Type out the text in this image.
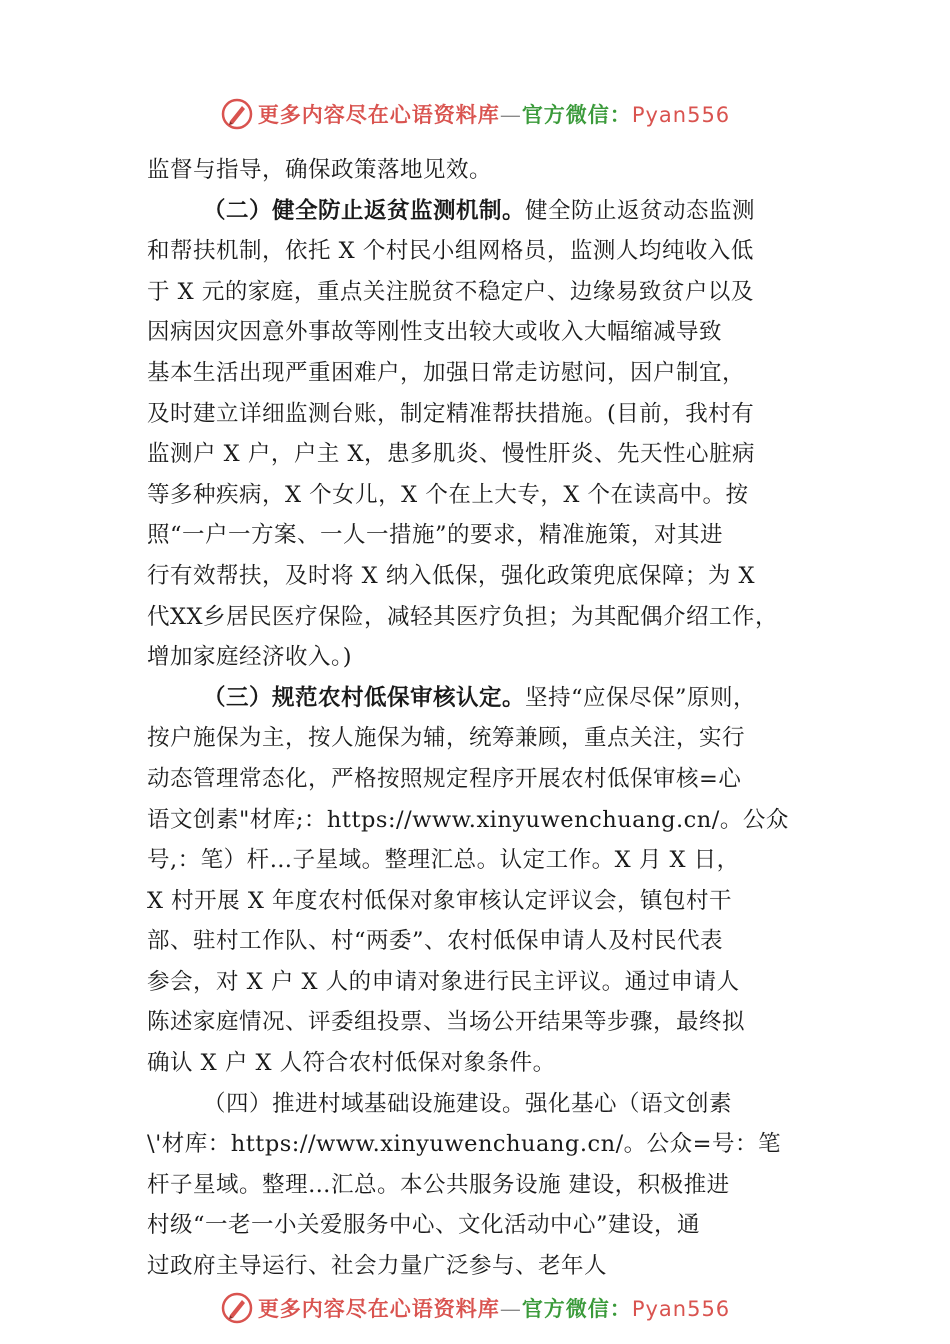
更多内容尽在心语资料库—官方微信：Pyan556
监督与指导，确保政策落地见效。
（二）健全防止返贫监测机制。健全防止返贫动态监测
和帮扶机制，依托 X 个村民小组网格员，监测人均纯收入低
于 X 元的家庭，重点关注脱贫不稳定户、边缘易致贫户以及
因病因灾因意外事故等刚性支出较大或收入大幅缩减导致
基本生活出现严重困难户，加强日常走访慰问，因户制宜，
及时建立详细监测台账，制定精准帮扶措施。(目前，我村有
监测户 X 户，户主 X，患多肌炎、慢性肝炎、先天性心脏病
等多种疾病，X 个女儿，X 个在上大专，X 个在读高中。按
照“一户一方案、一人一措施”的要求，精准施策，对其进
行有效帮扶，及时将 X 纳入低保，强化政策兜底保障；为 X
代XX乡居民医疗保险，减轻其医疗负担；为其配偶介绍工作，
增加家庭经济收入。)
（三）规范农村低保审核认定。坚持“应保尽保”原则，
按户施保为主，按人施保为辅，统筹兼顾，重点关注，实行
动态管理常态化，严格按照规定程序开展农村低保审核=心
语文创素"材库;：https://www.xinyuwenchuang.cn/。公众
号,：笔）杆…子星域。整理汇总。认定工作。X 月 X 日，
X 村开展 X 年度农村低保对象审核认定评议会，镇包村干
部、驻村工作队、村“两委”、农村低保申请人及村民代表
参会，对 X 户 X 人的申请对象进行民主评议。通过申请人
陈述家庭情况、评委组投票、当场公开结果等步骤，最终拟
确认 X 户 X 人符合农村低保对象条件。
（四）推进村域基础设施建设。强化基心（语文创素
\'材库：https://www.xinyuwenchuang.cn/。公众=号：笔
杆子星域。整理…汇总。本公共服务设施 建设，积极推进
村级“一老一小关爱服务中心、文化活动中心”建设，通
过政府主导运行、社会力量广泛参与、老年人
更多内容尽在心语资料库—官方微信：Pyan556
